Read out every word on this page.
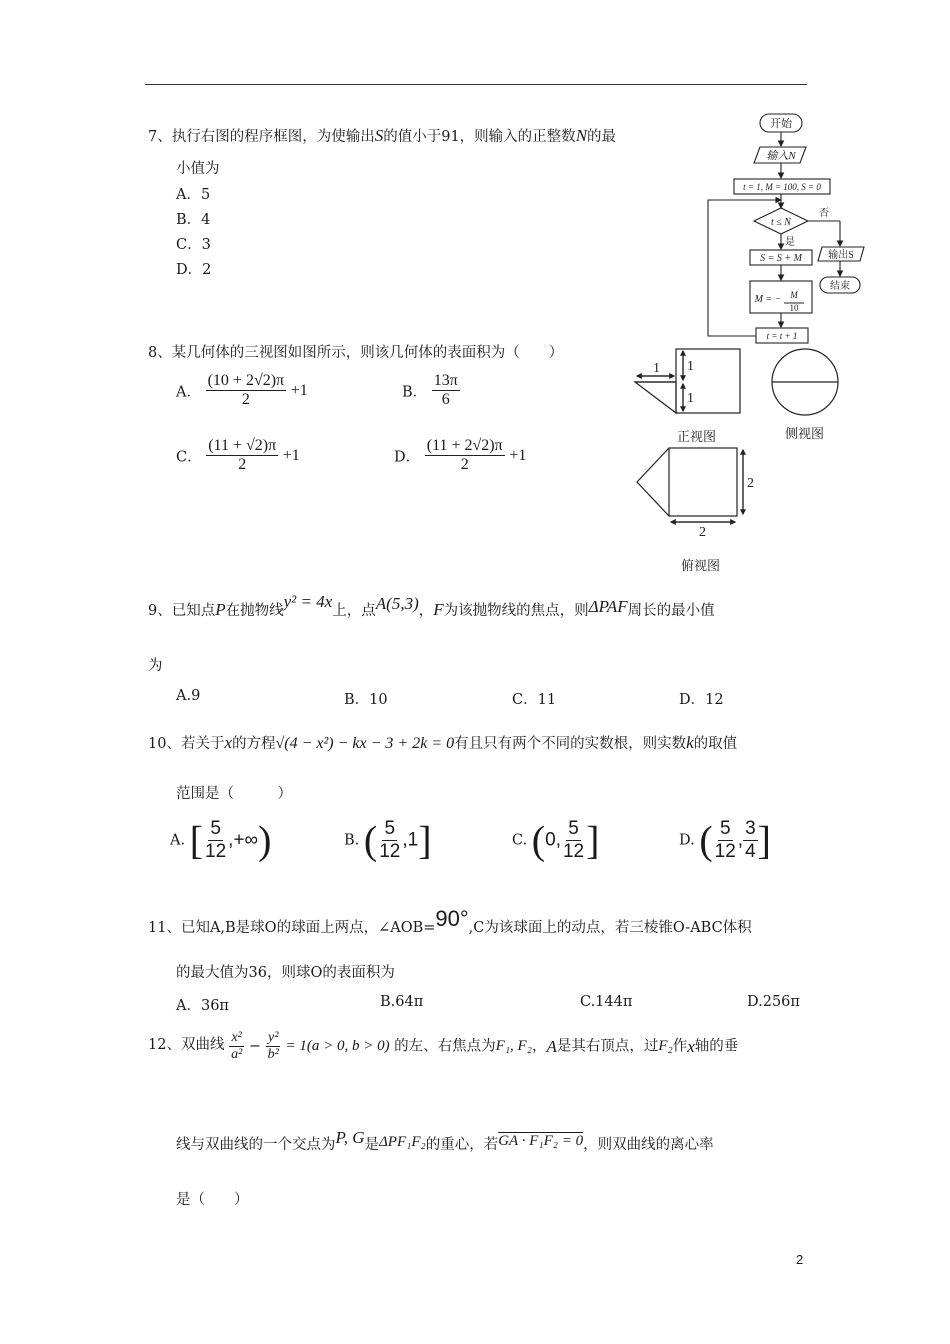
7、执行右图的程序框图，为使输出S的值小于91，则输入的正整数N的最
小值为
A．5
B．4
C．3
D．2
开始
输入N
t = 1, M = 100, S = 0
t ≤ N
否
是
输出S
结束
S = S + M
M = − M
10
t = t + 1
8、某几何体的三视图如图所示，则该几何体的表面积为（　　）
A． $\frac{(10 + 2√2)\pi}{2} +1$	B． $\frac{13\pi}{6}$
C． $\frac{(11 + √2)\pi}{2} +1$	D． $\frac{(11 + 2√2)\pi}{2} +1$
1 1
1
2
2
正视图	侧视图
俯视图
9、已知点P在抛物线y² = 4x上，点A(5,3)，F为该抛物线的焦点，则ΔPAF周长的最小值
为
A.9	B．10	C．11	D．12
10、若关于x的方程√(4 − x²) − kx − 3 + 2k = 0有且只有两个不同的实数根，则实数k的取值
范围是（　　　）
A. [ $\frac{5}{12}$ ,+∞)	B. ( $\frac{5}{12} ,1$]	C. (0, $\frac{5}{12}$ ]	D. ( $\frac{5}{12}$ , $\frac{3}{4}$ ]
11、已知A,B是球O的球面上两点，∠AOB=90°,C为该球面上的动点，若三棱锥O-ABC体积
的最大值为36，则球O的表面积为
A．36π	B.64π	C.144π	D.256π
12、双曲线 $\frac{\text{x²}}{\text{a²}} - \frac{\text{y²}}{\text{b²}} = 1(a > 0$, b > 0) 的左、右焦点为F₁, F₂，A是其右顶点，过F₂作x轴的垂
线与双曲线的一个交点为P, G是ΔPF₁F₂的重心，若GA · F₁F₂ = 0，则双曲线的离心率
是（　　）
2
